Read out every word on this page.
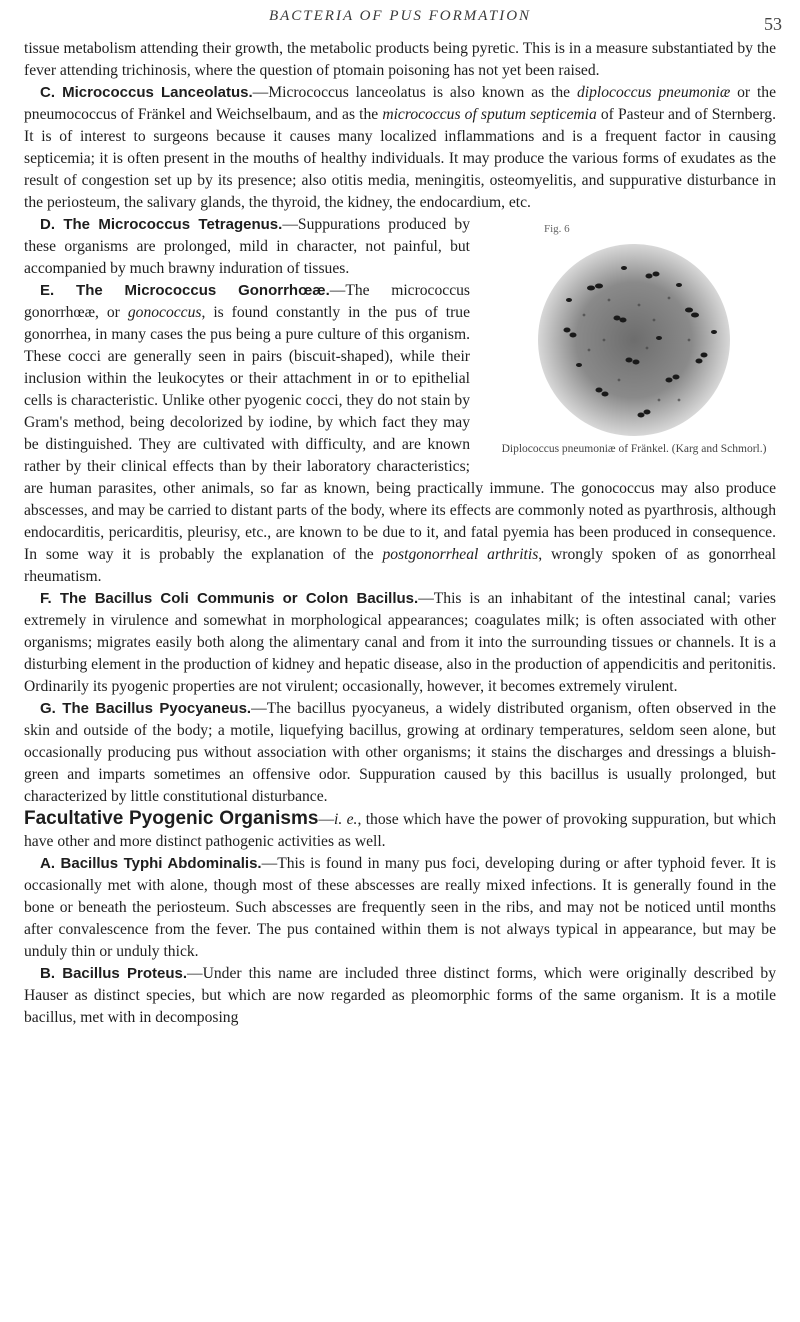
BACTERIA OF PUS FORMATION	53

tissue metabolism attending their growth, the metabolic products being pyretic. This is in a measure substantiated by the fever attending trichinosis, where the question of ptomain poisoning has not yet been raised.

C. Micrococcus Lanceolatus.—Micrococcus lanceolatus is also known as the diplococcus pneumoniæ or the pneumococcus of Fränkel and Weichselbaum, and as the micrococcus of sputum septicemia of Pasteur and of Sternberg. It is of interest to surgeons because it causes many localized inflammations and is a frequent factor in causing septicemia; it is often present in the mouths of healthy individuals. It may produce the various forms of exudates as the result of congestion set up by its presence; also otitis media, meningitis, osteomyelitis, and suppurative disturbance in the periosteum, the salivary glands, the thyroid, the kidney, the endocardium, etc.

Fig. 6
Diplococcus pneumoniæ of Fränkel. (Karg and Schmorl.)

D. The Micrococcus Tetragenus.—Suppurations produced by these organisms are prolonged, mild in character, not painful, but accompanied by much brawny induration of tissues.

E. The Micrococcus Gonorrhœæ.—The micrococcus gonorrhœæ, or gonococcus, is found constantly in the pus of true gonorrhea, in many cases the pus being a pure culture of this organism. These cocci are generally seen in pairs (biscuit-shaped), while their inclusion within the leukocytes or their attachment in or to epithelial cells is characteristic. Unlike other pyogenic cocci, they do not stain by Gram's method, being decolorized by iodine, by which fact they may be distinguished. They are cultivated with difficulty, and are known rather by their clinical effects than by their laboratory characteristics; are human parasites, other animals, so far as known, being practically immune. The gonococcus may also produce abscesses, and may be carried to distant parts of the body, where its effects are commonly noted as pyarthrosis, although endocarditis, pericarditis, pleurisy, etc., are known to be due to it, and fatal pyemia has been produced in consequence. In some way it is probably the explanation of the postgonorrheal arthritis, wrongly spoken of as gonorrheal rheumatism.

F. The Bacillus Coli Communis or Colon Bacillus.—This is an inhabitant of the intestinal canal; varies extremely in virulence and somewhat in morphological appearances; coagulates milk; is often associated with other organisms; migrates easily both along the alimentary canal and from it into the surrounding tissues or channels. It is a disturbing element in the production of kidney and hepatic disease, also in the production of appendicitis and peritonitis. Ordinarily its pyogenic properties are not virulent; occasionally, however, it becomes extremely virulent.

G. The Bacillus Pyocyaneus.—The bacillus pyocyaneus, a widely distributed organism, often observed in the skin and outside of the body; a motile, liquefying bacillus, growing at ordinary temperatures, seldom seen alone, but occasionally producing pus without association with other organisms; it stains the discharges and dressings a bluish-green and imparts sometimes an offensive odor. Suppuration caused by this bacillus is usually prolonged, but characterized by little constitutional disturbance.

Facultative Pyogenic Organisms—i. e., those which have the power of provoking suppuration, but which have other and more distinct pathogenic activities as well.

A. Bacillus Typhi Abdominalis.—This is found in many pus foci, developing during or after typhoid fever. It is occasionally met with alone, though most of these abscesses are really mixed infections. It is generally found in the bone or beneath the periosteum. Such abscesses are frequently seen in the ribs, and may not be noticed until months after convalescence from the fever. The pus contained within them is not always typical in appearance, but may be unduly thin or unduly thick.

B. Bacillus Proteus.—Under this name are included three distinct forms, which were originally described by Hauser as distinct species, but which are now regarded as pleomorphic forms of the same organism. It is a motile bacillus, met with in decomposing
